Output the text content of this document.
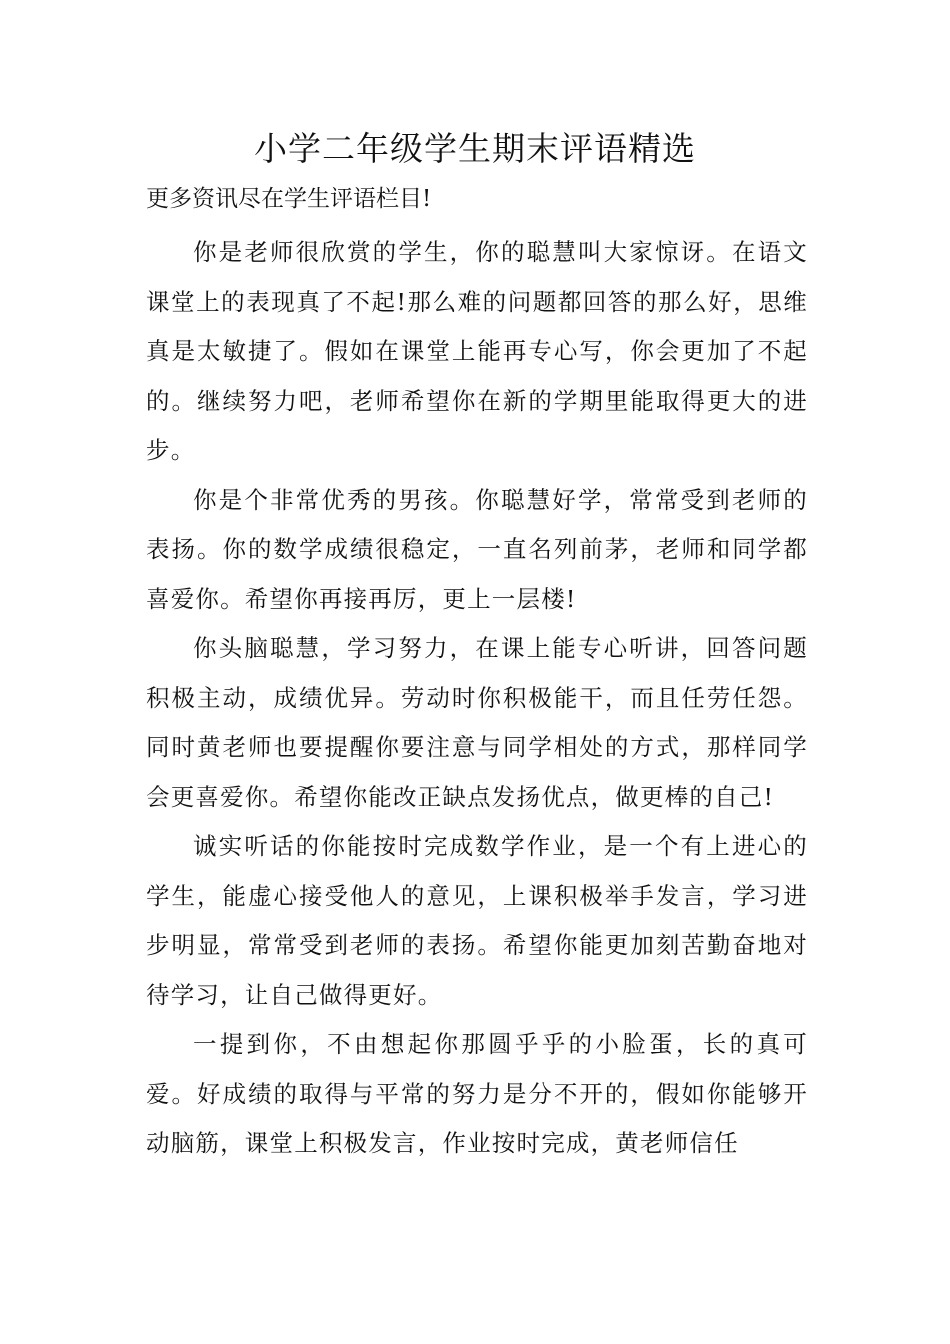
小学二年级学生期末评语精选

更多资讯尽在学生评语栏目!

你是老师很欣赏的学生，你的聪慧叫大家惊讶。在语文课堂上的表现真了不起!那么难的问题都回答的那么好，思维真是太敏捷了。假如在课堂上能再专心写，你会更加了不起的。继续努力吧，老师希望你在新的学期里能取得更大的进步。

你是个非常优秀的男孩。你聪慧好学，常常受到老师的表扬。你的数学成绩很稳定，一直名列前茅，老师和同学都喜爱你。希望你再接再厉，更上一层楼!

你头脑聪慧，学习努力，在课上能专心听讲，回答问题积极主动，成绩优异。劳动时你积极能干，而且任劳任怨。同时黄老师也要提醒你要注意与同学相处的方式，那样同学会更喜爱你。希望你能改正缺点发扬优点，做更棒的自己!

诚实听话的你能按时完成数学作业，是一个有上进心的学生，能虚心接受他人的意见，上课积极举手发言，学习进步明显，常常受到老师的表扬。希望你能更加刻苦勤奋地对待学习，让自己做得更好。

一提到你，不由想起你那圆乎乎的小脸蛋，长的真可爱。好成绩的取得与平常的努力是分不开的，假如你能够开动脑筋，课堂上积极发言，作业按时完成，黄老师信任
